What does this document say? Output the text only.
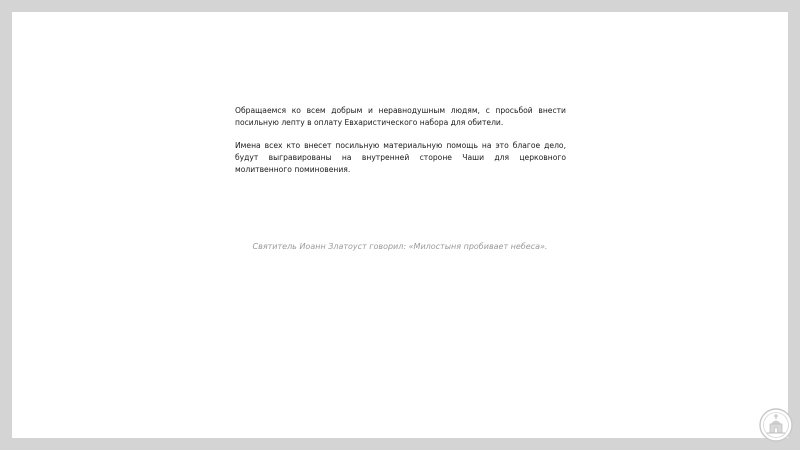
Обращаемся ко всем добрым и неравнодушным людям, с просьбой внести посильную лепту в оплату Евхаристического набора для обители.

Имена всех кто внесет посильную материальную помощь на это благое дело, будут выгравированы на внутренней стороне Чаши для церковного молитвенного поминовения.

Святитель Иоанн Златоуст говорил: «Милостыня пробивает небеса».
